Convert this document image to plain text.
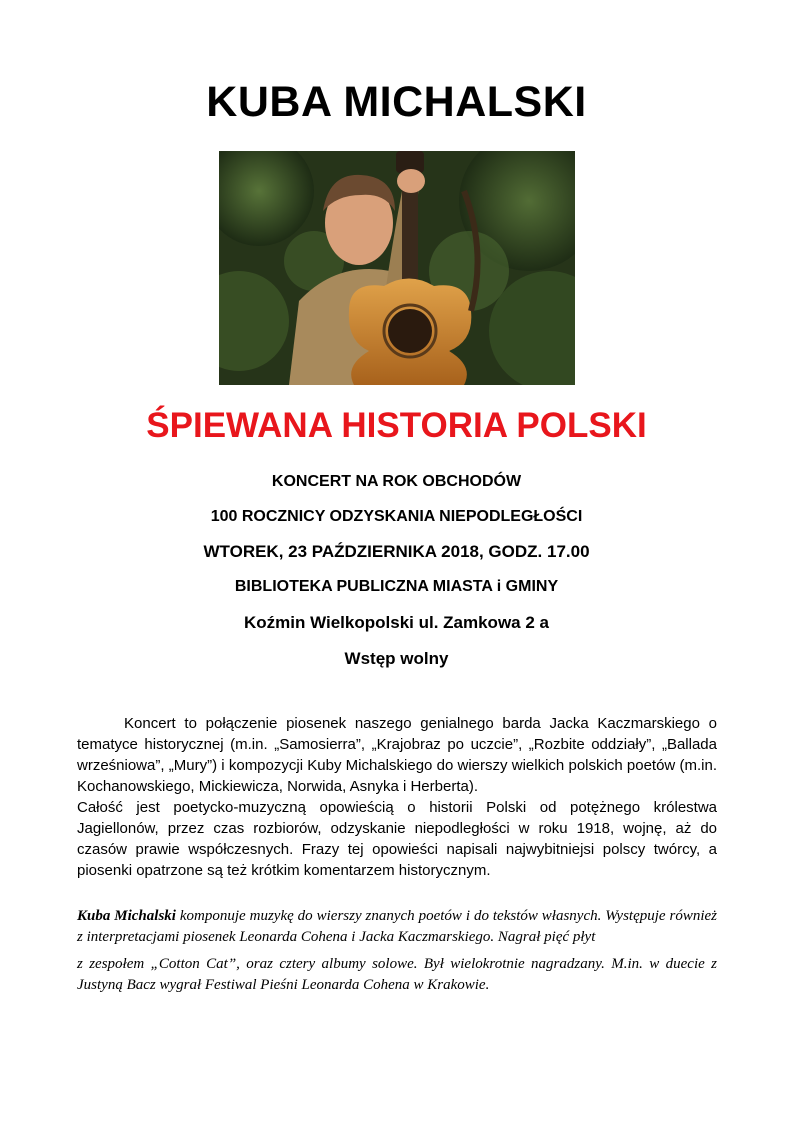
KUBA MICHALSKI
ŚPIEWANA HISTORIA POLSKI
KONCERT NA ROK OBCHODÓW
100 ROCZNICY ODZYSKANIA NIEPODLEGŁOŚCI
WTOREK, 23 PAŹDZIERNIKA 2018, GODZ. 17.00
BIBLIOTEKA PUBLICZNA MIASTA i GMINY
Koźmin Wielkopolski ul. Zamkowa 2 a
Wstęp wolny
Koncert to połączenie piosenek naszego genialnego barda Jacka Kaczmarskiego o tematyce historycznej (m.in. „Samosierra”, „Krajobraz po uczcie”, „Rozbite oddziały”, „Ballada wrześniowa”, „Mury”) i kompozycji Kuby Michalskiego do wierszy wielkich polskich poetów (m.in. Kochanowskiego, Mickiewicza, Norwida, Asnyka i Herberta).
Całość jest poetycko-muzyczną opowieścią o historii Polski od potężnego królestwa Jagiellonów, przez czas rozbiorów, odzyskanie niepodległości w roku 1918, wojnę, aż do czasów prawie współczesnych. Frazy tej opowieści napisali najwybitniejsi polscy twórcy, a piosenki opatrzone są też krótkim komentarzem historycznym.
Kuba Michalski komponuje muzykę do wierszy znanych poetów i do tekstów własnych. Występuje również z interpretacjami piosenek Leonarda Cohena i Jacka Kaczmarskiego. Nagrał pięć płyt
z zespołem „Cotton Cat”, oraz cztery albumy solowe. Był wielokrotnie nagradzany. M.in. w duecie z Justyną Bacz wygrał Festiwal Pieśni Leonarda Cohena w Krakowie.
